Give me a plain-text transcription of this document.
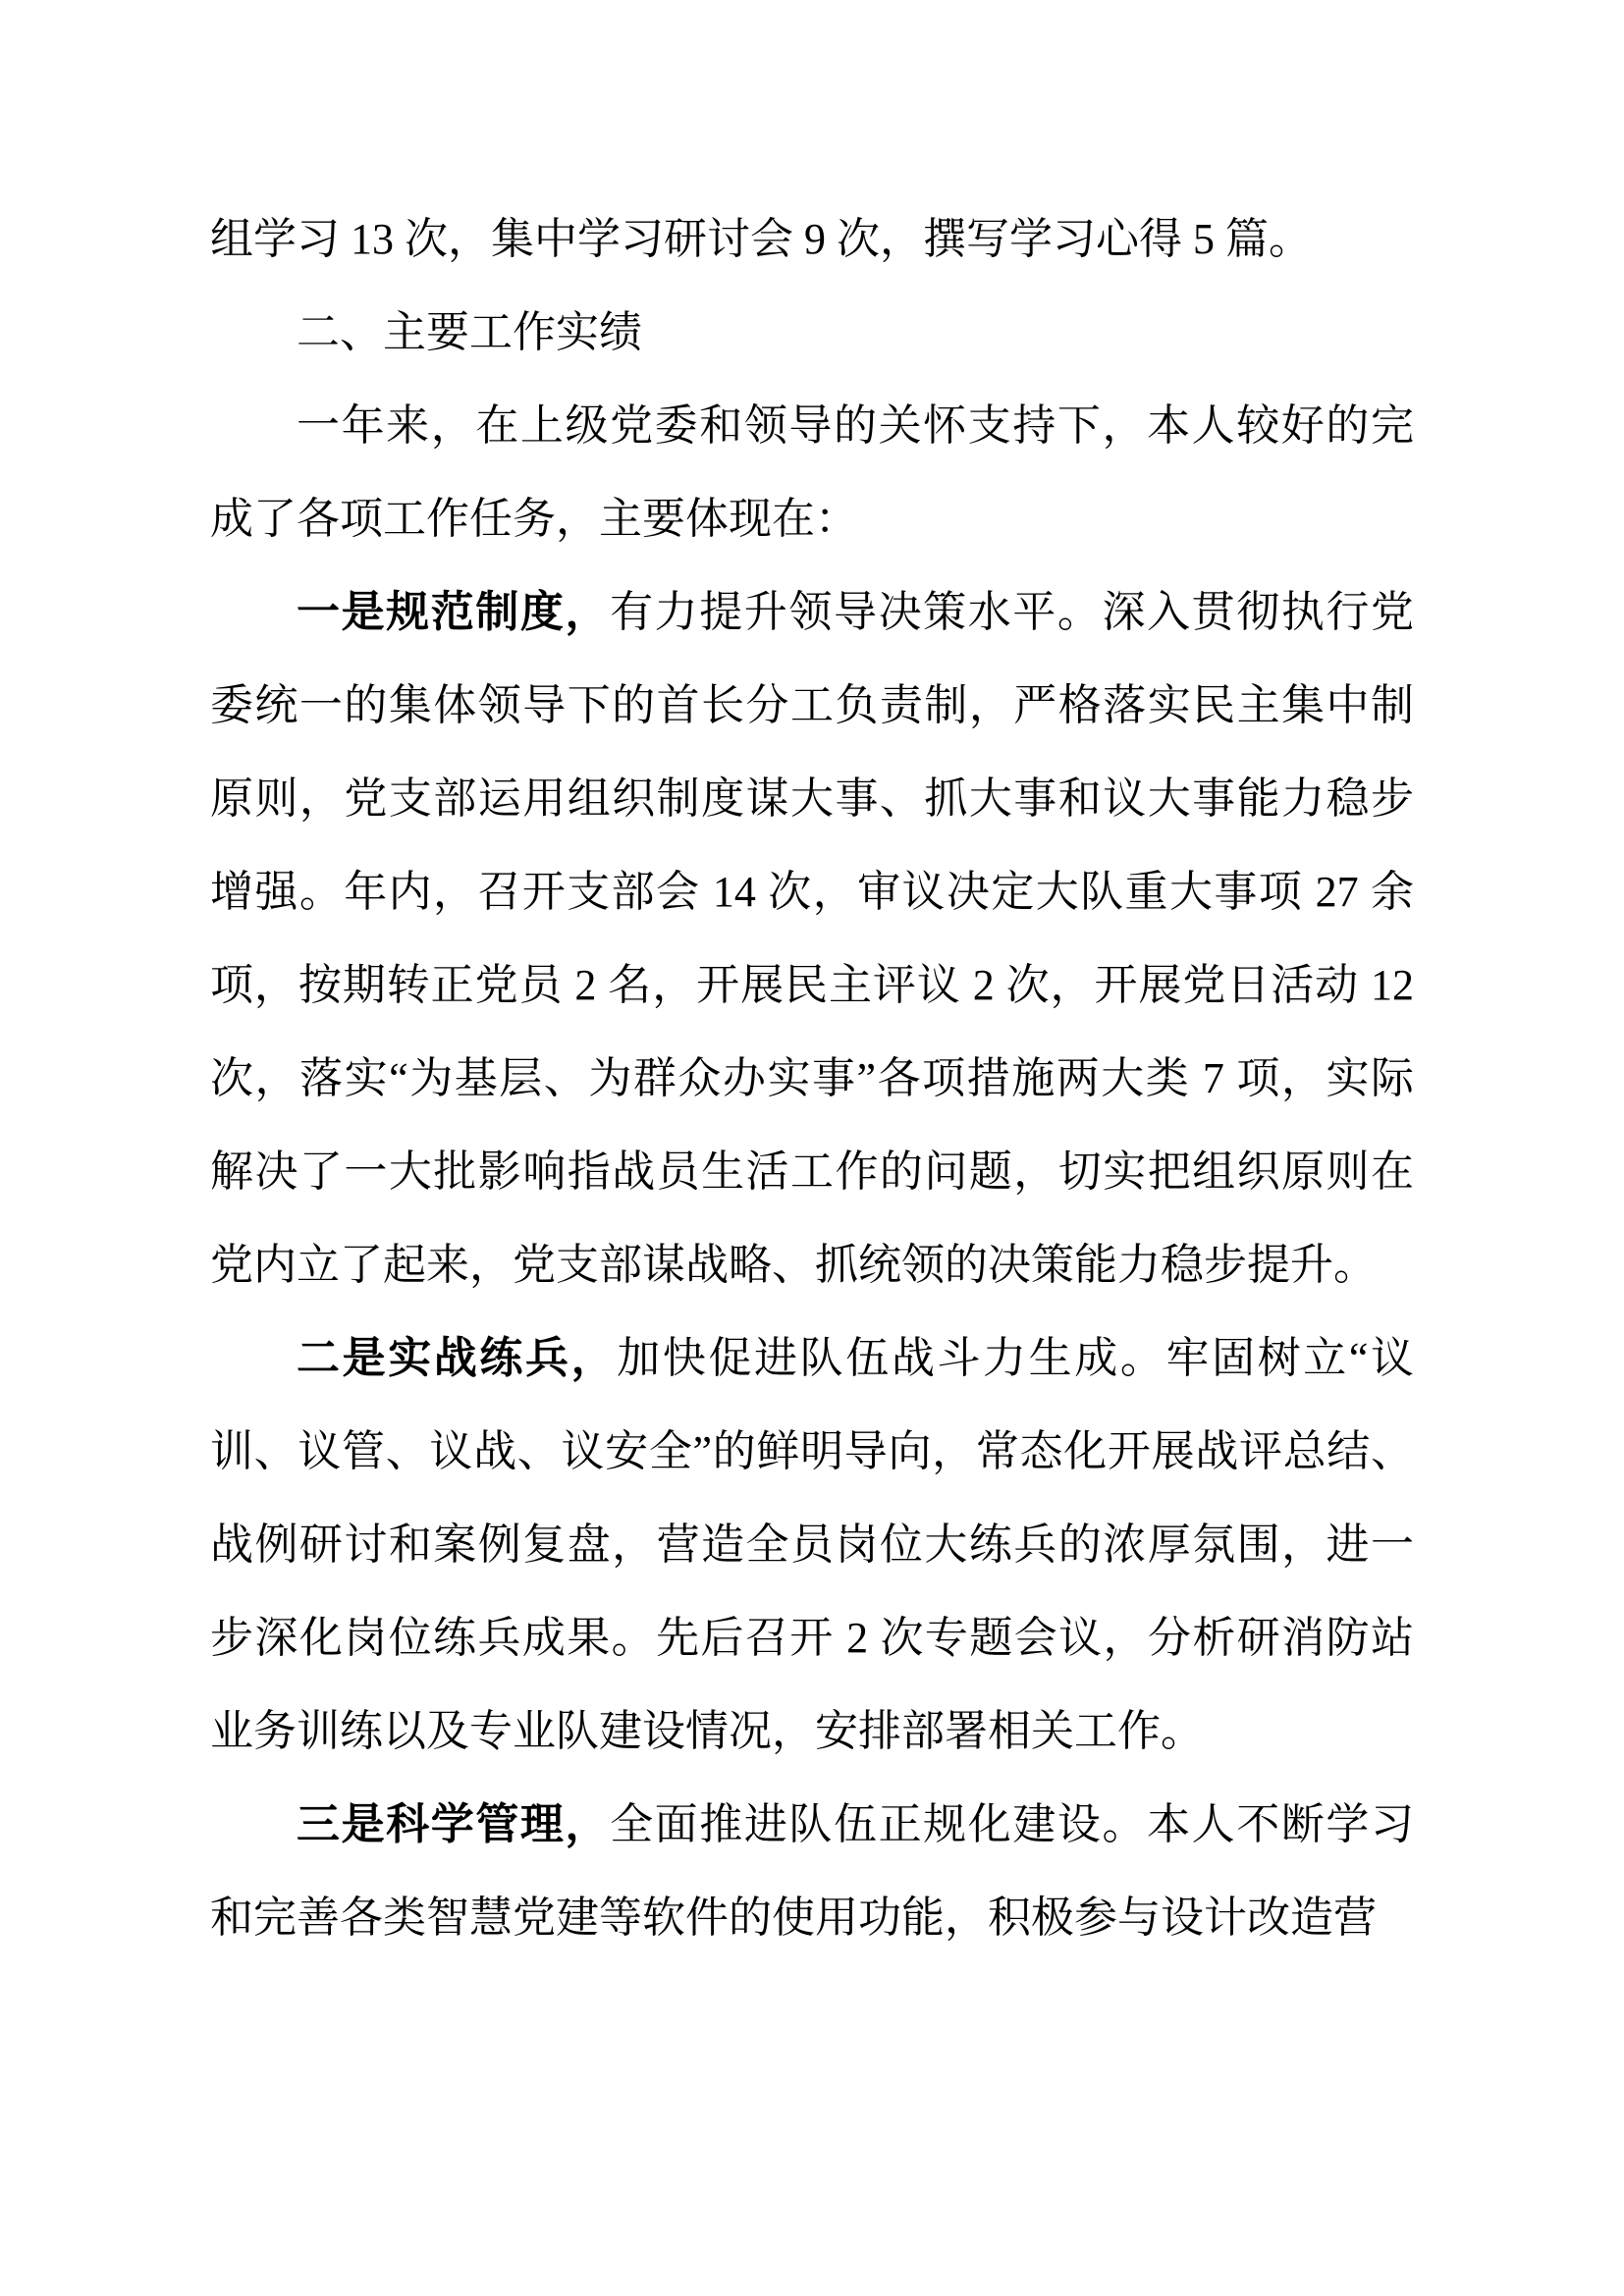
组学习 13 次，集中学习研讨会 9 次，撰写学习心得 5 篇。

二、主要工作实绩

一年来，在上级党委和领导的关怀支持下，本人较好的完成了各项工作任务，主要体现在：

一是规范制度，有力提升领导决策水平。深入贯彻执行党委统一的集体领导下的首长分工负责制，严格落实民主集中制原则，党支部运用组织制度谋大事、抓大事和议大事能力稳步增强。年内，召开支部会 14 次，审议决定大队重大事项 27 余项，按期转正党员 2 名，开展民主评议 2 次，开展党日活动 12 次，落实“为基层、为群众办实事”各项措施两大类 7 项，实际解决了一大批影响指战员生活工作的问题，切实把组织原则在党内立了起来，党支部谋战略、抓统领的决策能力稳步提升。

二是实战练兵，加快促进队伍战斗力生成。牢固树立“议训、议管、议战、议安全”的鲜明导向，常态化开展战评总结、战例研讨和案例复盘，营造全员岗位大练兵的浓厚氛围，进一步深化岗位练兵成果。先后召开 2 次专题会议，分析研消防站业务训练以及专业队建设情况，安排部署相关工作。

三是科学管理，全面推进队伍正规化建设。本人不断学习和完善各类智慧党建等软件的使用功能，积极参与设计改造营
